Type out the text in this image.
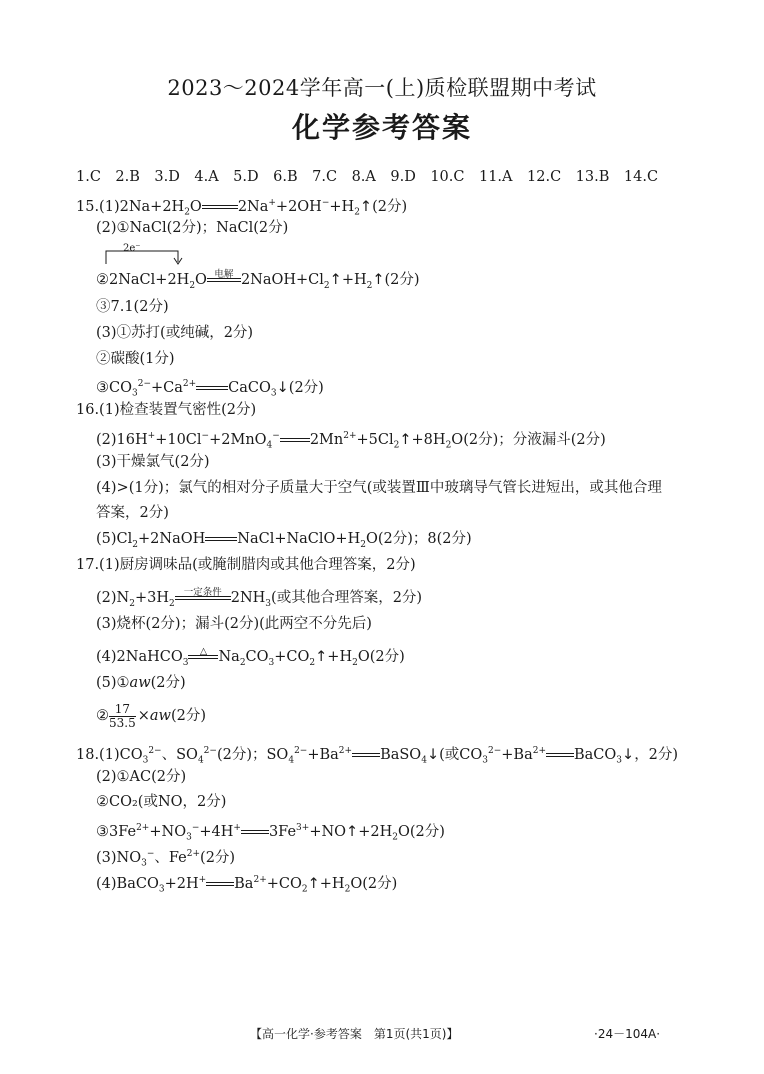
2023～2024学年高一(上)质检联盟期中考试
化学参考答案
1.C　2.B　3.D　4.A　5.D　6.B　7.C　8.A　9.D　10.C　11.A　12.C　13.B　14.C
$15.(1)2Na+2H_2O$ $2Na^++2OH^-+H_2↑(2$分)
(2)①NaCl(2分)；NaCl(2分)
2e⁻
$②2NaCl+2H_2O$ 电解 $2NaOH+Cl_2↑+H_2↑(2$分)
③7.1(2分)
(3)①苏打(或纯碱，2分)
②碳酸(1分)
$③CO_3^{2-}+Ca^{2+}$ CaCO$_3$↓(2分)
16.(1)检查装置气密性(2分)
(2)16H++10Cl−+2MnO$_4$− $2Mn^{2+}+5Cl_2↑+8H_2O(2$分)；分液漏斗(2分)
(3)干燥氯气(2分)
(4)>(1分)；氯气的相对分子质量大于空气(或装置Ⅲ中玻璃导气管长进短出，或其他合理
答案，2分)
$(5)Cl_2+2NaOH$ $NaCl+NaClO+H_2O(2$分)；8(2分)
17.(1)厨房调味品(或腌制腊肉或其他合理答案，2分)
$(2)N_2+3H_2$
一定条件 $2NH_3$(或其他合理答案，2分)
(3)烧杯(2分)；漏斗(2分)(此两空不分先后)
(4)2NaHCO$_3$
△ $Na_2CO_3+CO_2↑+H_2O(2$分)
(5)①aw(2分)
② $\frac{17}{53.5} \times aw(2$分)
$18.(1)CO_3^{2-}$、$SO_4^{2-}(2$分)；$SO_4^{2-}+Ba^{2+}$ BaSO$_4$↓(或$CO_3^{2-}+Ba^{2+}$ BaCO$_3$↓，2分)
(2)①AC(2分)
②CO₂(或NO，2分)
$③3Fe^{2+}+NO_3^-+4H^+$ $3Fe^{3+}+NO↑+2H_2O(2$分)
$(3)NO_3^-$、$Fe^{2+}(2$分)
(4)BaCO$_3$+2H+ $Ba^{2+}+CO_2↑+H_2O(2$分)
【高一化学·参考答案　第1页(共1页)】	·24－104A·
